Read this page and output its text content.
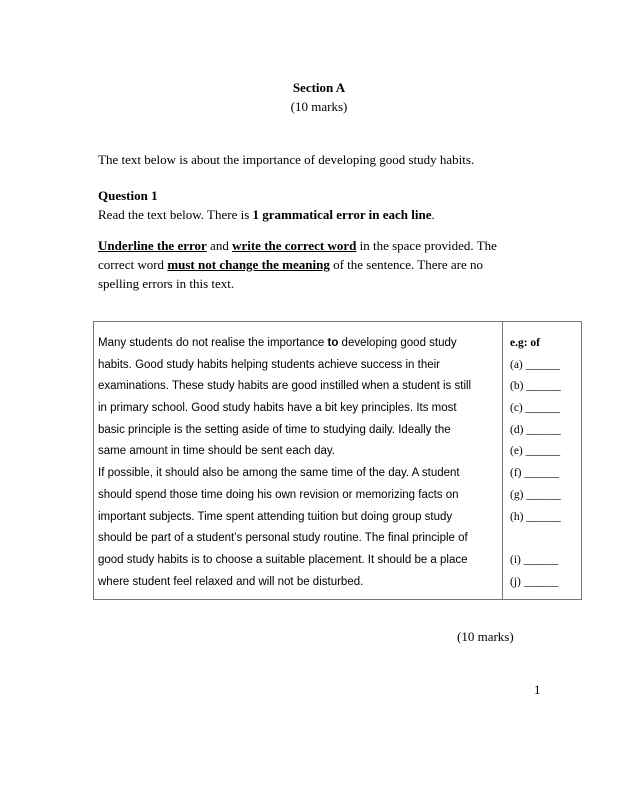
Section A
(10 marks)
The text below is about the importance of developing good study habits.
Question 1
Read the text below. There is 1 grammatical error in each line.
Underline the error and write the correct word in the space provided. The
correct word must not change the meaning of the sentence. There are no
spelling errors in this text.
Many students do not realise the importance to developing good study
habits. Good study habits helping students achieve success in their
examinations. These study habits are good instilled when a student is still
in primary school. Good study habits have a bit key principles. Its most
basic principle is the setting aside of time to studying daily. Ideally the
same amount in time should be sent each day.
If possible, it should also be among the same time of the day. A student
should spend those time doing his own revision or memorizing facts on
important subjects. Time spent attending tuition but doing group study
should be part of a student’s personal study routine. The final principle of
good study habits is to choose a suitable placement. It should be a place
where student feel relaxed and will not be disturbed.
e.g: of
(a) ______
(b) ______
(c) ______
(d) ______
(e) ______
(f) ______
(g) ______
(h) ______
(i) ______
(j) ______
(10 marks)
1
